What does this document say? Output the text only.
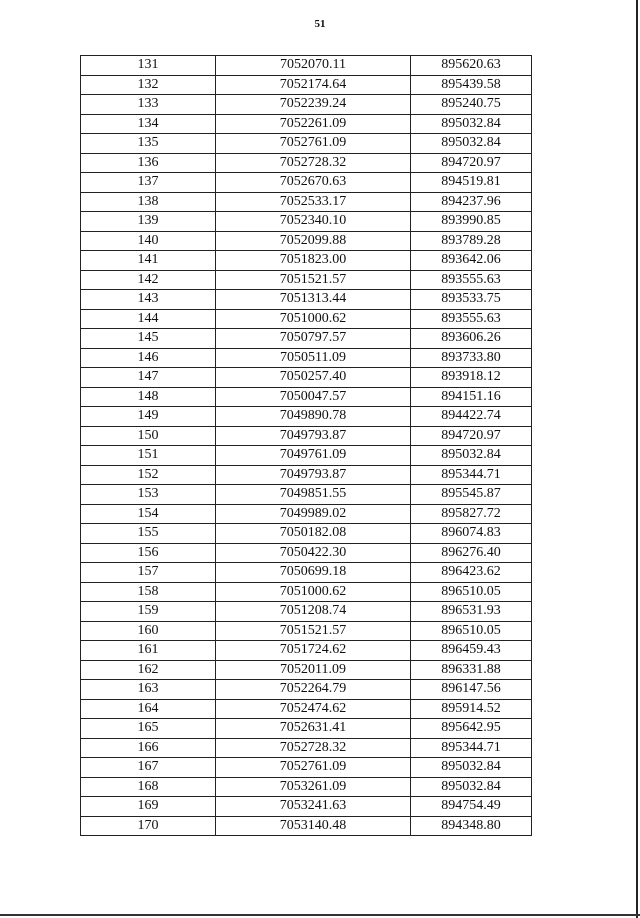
51
131	7052070.11	895620.63
132	7052174.64	895439.58
133	7052239.24	895240.75
134	7052261.09	895032.84
135	7052761.09	895032.84
136	7052728.32	894720.97
137	7052670.63	894519.81
138	7052533.17	894237.96
139	7052340.10	893990.85
140	7052099.88	893789.28
141	7051823.00	893642.06
142	7051521.57	893555.63
143	7051313.44	893533.75
144	7051000.62	893555.63
145	7050797.57	893606.26
146	7050511.09	893733.80
147	7050257.40	893918.12
148	7050047.57	894151.16
149	7049890.78	894422.74
150	7049793.87	894720.97
151	7049761.09	895032.84
152	7049793.87	895344.71
153	7049851.55	895545.87
154	7049989.02	895827.72
155	7050182.08	896074.83
156	7050422.30	896276.40
157	7050699.18	896423.62
158	7051000.62	896510.05
159	7051208.74	896531.93
160	7051521.57	896510.05
161	7051724.62	896459.43
162	7052011.09	896331.88
163	7052264.79	896147.56
164	7052474.62	895914.52
165	7052631.41	895642.95
166	7052728.32	895344.71
167	7052761.09	895032.84
168	7053261.09	895032.84
169	7053241.63	894754.49
170	7053140.48	894348.80
